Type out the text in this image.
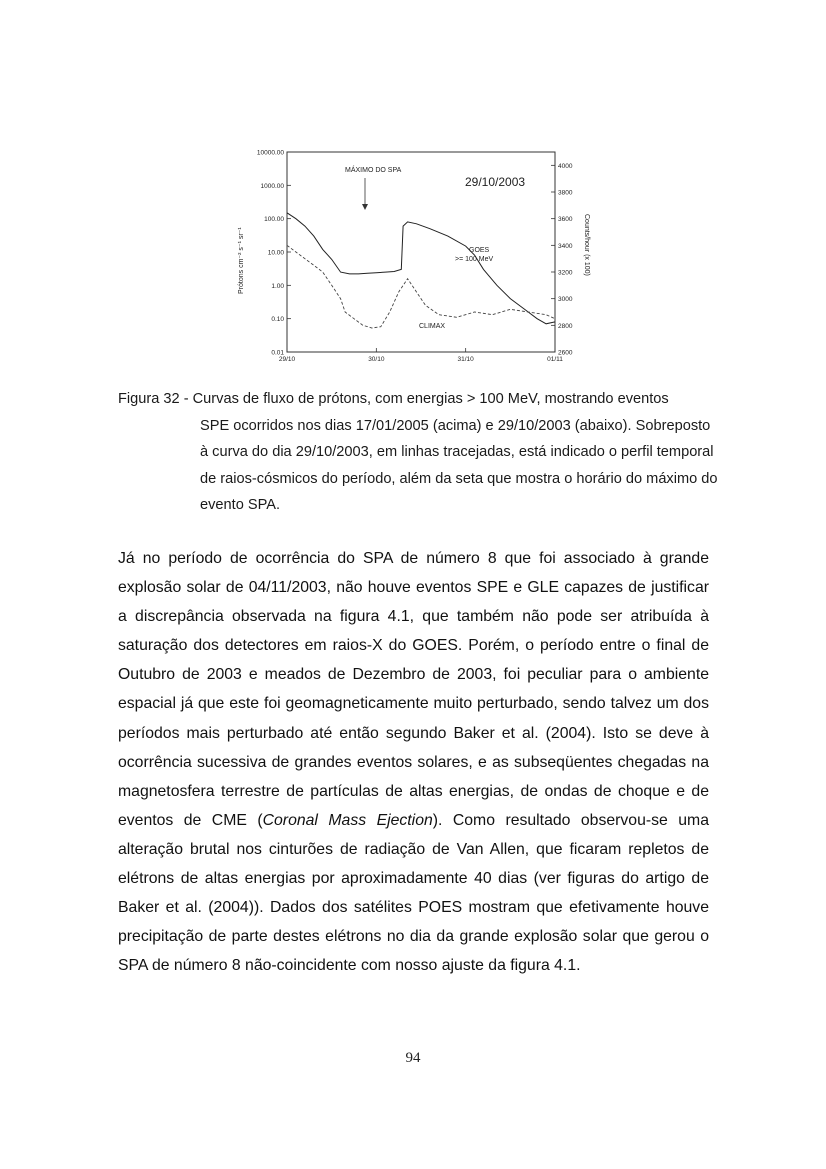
10000.00
1000.00
100.00
10.00
1.00
0.10
0.01
4000
3800
3600
3400
3200
3000
2800
2600
29/10	30/10	31/10	01/11
29/10/2003
MÁXIMO DO SPA
GOES
>= 100 MeV
CLIMAX
Prótons cm⁻² s⁻¹ sr⁻¹	Counts/hour (x 100)
Figura 32 - Curvas de fluxo de prótons, com energias > 100 MeV, mostrando eventos
SPE ocorridos nos dias 17/01/2005 (acima) e 29/10/2003 (abaixo). Sobreposto à curva do dia 29/10/2003, em linhas tracejadas, está indicado o perfil temporal de raios-cósmicos do período, além da seta que mostra o horário do máximo do evento SPA.
Já no período de ocorrência do SPA de número 8 que foi associado à grande explosão solar de 04/11/2003, não houve eventos SPE e GLE capazes de justificar a discrepância observada na figura 4.1, que também não pode ser atribuída à saturação dos detectores em raios-X do GOES. Porém, o período entre o final de Outubro de 2003 e meados de Dezembro de 2003, foi peculiar para o ambiente espacial já que este foi geomagneticamente muito perturbado, sendo talvez um dos períodos mais perturbado até então segundo Baker et al. (2004). Isto se deve à ocorrência sucessiva de grandes eventos solares, e as subseqüentes chegadas na magnetosfera terrestre de partículas de altas energias, de ondas de choque e de eventos de CME (Coronal Mass Ejection). Como resultado observou-se uma alteração brutal nos cinturões de radiação de Van Allen, que ficaram repletos de elétrons de altas energias por aproximadamente 40 dias (ver figuras do artigo de Baker et al. (2004)). Dados dos satélites POES mostram que efetivamente houve precipitação de parte destes elétrons no dia da grande explosão solar que gerou o SPA de número 8 não-coincidente com nosso ajuste da figura 4.1.
94
